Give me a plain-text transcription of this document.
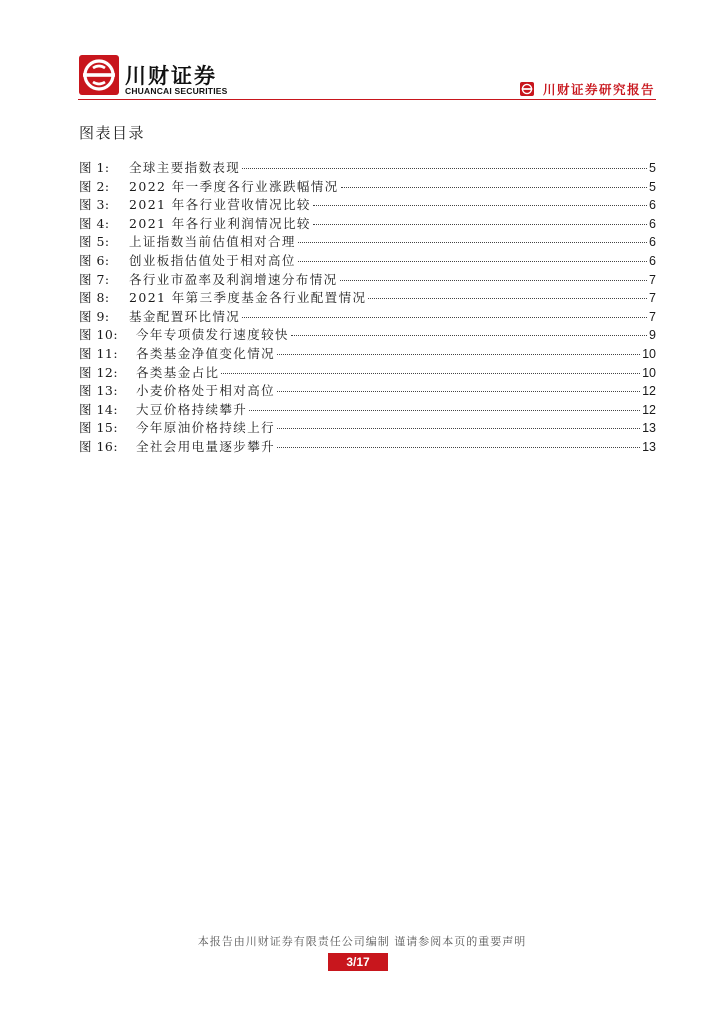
川财证券
CHUANCAI SECURITIES	川财证券研究报告
图表目录
图 1:	全球主要指数表现	5
图 2:	2022 年一季度各行业涨跌幅情况	5
图 3:	2021 年各行业营收情况比较	6
图 4:	2021 年各行业利润情况比较	6
图 5:	上证指数当前估值相对合理	6
图 6:	创业板指估值处于相对高位	6
图 7:	各行业市盈率及利润增速分布情况	7
图 8:	2021 年第三季度基金各行业配置情况	7
图 9:	基金配置环比情况	7
图 10:	今年专项债发行速度较快	9
图 11:	各类基金净值变化情况	10
图 12:	各类基金占比	10
图 13:	小麦价格处于相对高位	12
图 14:	大豆价格持续攀升	12
图 15:	今年原油价格持续上行	13
图 16:	全社会用电量逐步攀升	13
本报告由川财证券有限责任公司编制 谨请参阅本页的重要声明
3/17
